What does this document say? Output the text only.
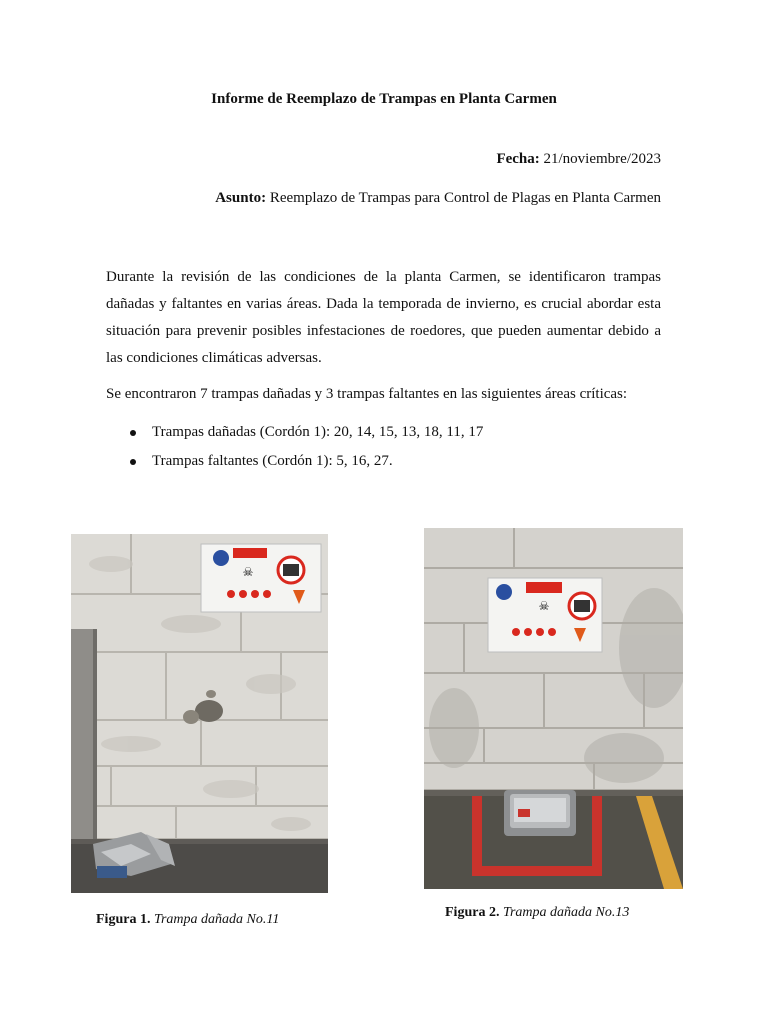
Informe de Reemplazo de Trampas en Planta Carmen
Fecha: 21/noviembre/2023
Asunto: Reemplazo de Trampas para Control de Plagas en Planta Carmen

Durante la revisión de las condiciones de la planta Carmen, se identificaron trampas dañadas y faltantes en varias áreas. Dada la temporada de invierno, es crucial abordar esta situación para prevenir posibles infestaciones de roedores, que pueden aumentar debido a las condiciones climáticas adversas.

Se encontraron 7 trampas dañadas y 3 trampas faltantes en las siguientes áreas críticas:

Trampas dañadas (Cordón 1): 20, 14, 15, 13, 18, 11, 17
Trampas faltantes (Cordón 1): 5, 16, 27.
☠
☠
Figura 1. Trampa dañada No.11	Figura 2. Trampa dañada No.13
